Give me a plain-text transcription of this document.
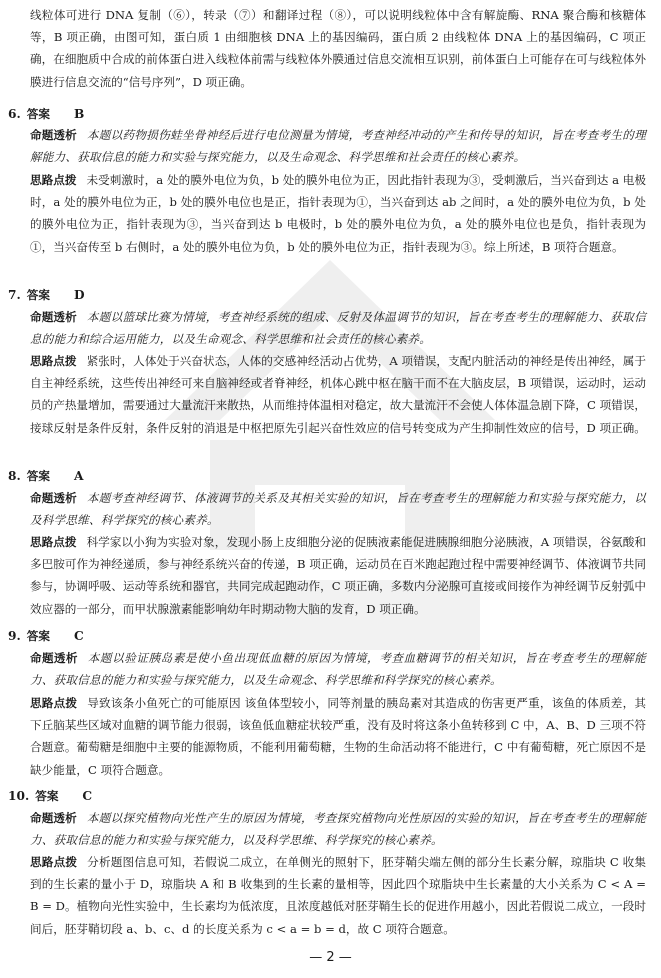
线粒体可进行 DNA 复制（⑥），转录（⑦）和翻译过程（⑧），可以说明线粒体中含有解旋酶、RNA 聚合酶和核糖体等，B 项正确，由图可知，蛋白质 1 由细胞核 DNA 上的基因编码，蛋白质 2 由线粒体 DNA 上的基因编码，C 项正确，在细胞质中合成的前体蛋白进入线粒体前需与线粒体外膜通过信息交流相互识别，前体蛋白上可能存在可与线粒体外膜进行信息交流的“信号序列”，D 项正确。

6. 答案 B

命题透析 本题以药物损伤蛙坐骨神经后进行电位测量为情境，考查神经冲动的产生和传导的知识，旨在考查考生的理解能力、获取信息的能力和实验与探究能力，以及生命观念、科学思维和社会责任的核心素养。

思路点拨 未受刺激时，a 处的膜外电位为负，b 处的膜外电位为正，因此指针表现为③，受刺激后，当兴奋到达 a 电极时，a 处的膜外电位为正，b 处的膜外电位也是正，指针表现为①，当兴奋到达 ab 之间时，a 处的膜外电位为负，b 处的膜外电位为正，指针表现为③，当兴奋到达 b 电极时，b 处的膜外电位为负，a 处的膜外电位也是负，指针表现为①，当兴奋传至 b 右侧时，a 处的膜外电位为负，b 处的膜外电位为正，指针表现为③。综上所述，B 项符合题意。

7. 答案 D

命题透析 本题以篮球比赛为情境，考查神经系统的组成、反射及体温调节的知识，旨在考查考生的理解能力、获取信息的能力和综合运用能力，以及生命观念、科学思维和社会责任的核心素养。

思路点拨 紧张时，人体处于兴奋状态，人体的交感神经活动占优势，A 项错误，支配内脏活动的神经是传出神经，属于自主神经系统，这些传出神经可来自脑神经或者脊神经，机体心跳中枢在脑干而不在大脑皮层，B 项错误，运动时，运动员的产热量增加，需要通过大量流汗来散热，从而维持体温相对稳定，故大量流汗不会使人体体温急剧下降，C 项错误，接球反射是条件反射，条件反射的消退是中枢把原先引起兴奋性效应的信号转变成为产生抑制性效应的信号，D 项正确。

8. 答案 A

命题透析 本题考查神经调节、体液调节的关系及其相关实验的知识，旨在考查考生的理解能力和实验与探究能力，以及科学思维、科学探究的核心素养。

思路点拨 科学家以小狗为实验对象，发现小肠上皮细胞分泌的促胰液素能促进胰腺细胞分泌胰液，A 项错误，谷氨酸和多巴胺可作为神经递质，参与神经系统兴奋的传递，B 项正确，运动员在百米跑起跑过程中需要神经调节、体液调节共同参与，协调呼吸、运动等系统和器官，共同完成起跑动作，C 项正确，多数内分泌腺可直接或间接作为神经调节反射弧中效应器的一部分，而甲状腺激素能影响幼年时期动物大脑的发育，D 项正确。

9. 答案 C

命题透析 本题以验证胰岛素是使小鱼出现低血糖的原因为情境，考查血糖调节的相关知识，旨在考查考生的理解能力、获取信息的能力和实验与探究能力，以及生命观念、科学思维和科学探究的核心素养。

思路点拨 导致该条小鱼死亡的可能原因 该鱼体型较小，同等剂量的胰岛素对其造成的伤害更严重，该鱼的体质差，其下丘脑某些区域对血糖的调节能力很弱，该鱼低血糖症状较严重，没有及时将这条小鱼转移到 C 中，A、B、D 三项不符合题意。葡萄糖是细胞中主要的能源物质，不能利用葡萄糖，生物的生命活动将不能进行，C 中有葡萄糖，死亡原因不是缺少能量，C 项符合题意。

10. 答案 C

命题透析 本题以探究植物向光性产生的原因为情境，考查探究植物向光性原因的实验的知识，旨在考查考生的理解能力、获取信息的能力和实验与探究能力，以及科学思维、科学探究的核心素养。

思路点拨 分析题图信息可知，若假说二成立，在单侧光的照射下，胚芽鞘尖端左侧的部分生长素分解，琼脂块 C 收集到的生长素的量小于 D，琼脂块 A 和 B 收集到的生长素的量相等，因此四个琼脂块中生长素量的大小关系为 C < A = B = D。植物向光性实验中，生长素均为低浓度，且浓度越低对胚芽鞘生长的促进作用越小，因此若假说二成立，一段时间后，胚芽鞘切段 a、b、c、d 的长度关系为 c < a = b = d，故 C 项符合题意。

— 2 —
